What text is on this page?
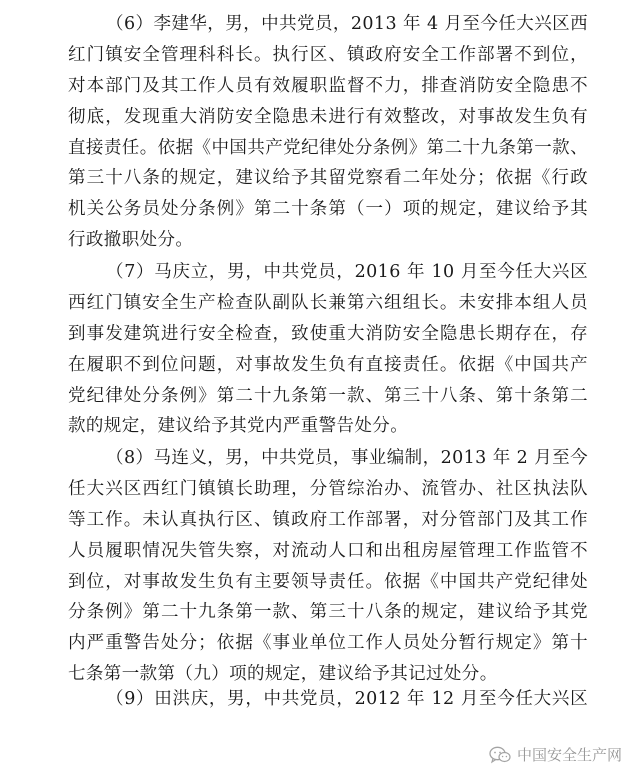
（6）李建华，男，中共党员，2013 年 4 月至今任大兴区西
红门镇安全管理科科长。执行区、镇政府安全工作部署不到位，
对本部门及其工作人员有效履职监督不力，排查消防安全隐患不
彻底，发现重大消防安全隐患未进行有效整改，对事故发生负有
直接责任。依据《中国共产党纪律处分条例》第二十九条第一款、
第三十八条的规定，建议给予其留党察看二年处分；依据《行政
机关公务员处分条例》第二十条第（一）项的规定，建议给予其
行政撤职处分。
（7）马庆立，男，中共党员，2016 年 10 月至今任大兴区
西红门镇安全生产检查队副队长兼第六组组长。未安排本组人员
到事发建筑进行安全检查，致使重大消防安全隐患长期存在，存
在履职不到位问题，对事故发生负有直接责任。依据《中国共产
党纪律处分条例》第二十九条第一款、第三十八条、第十条第二
款的规定，建议给予其党内严重警告处分。
（8）马连义，男，中共党员，事业编制，2013 年 2 月至今
任大兴区西红门镇镇长助理，分管综治办、流管办、社区执法队
等工作。未认真执行区、镇政府工作部署，对分管部门及其工作
人员履职情况失管失察，对流动人口和出租房屋管理工作监管不
到位，对事故发生负有主要领导责任。依据《中国共产党纪律处
分条例》第二十九条第一款、第三十八条的规定，建议给予其党
内严重警告处分；依据《事业单位工作人员处分暂行规定》第十
七条第一款第（九）项的规定，建议给予其记过处分。
（9）田洪庆，男，中共党员，2012 年 12 月至今任大兴区
中国安全生产网
